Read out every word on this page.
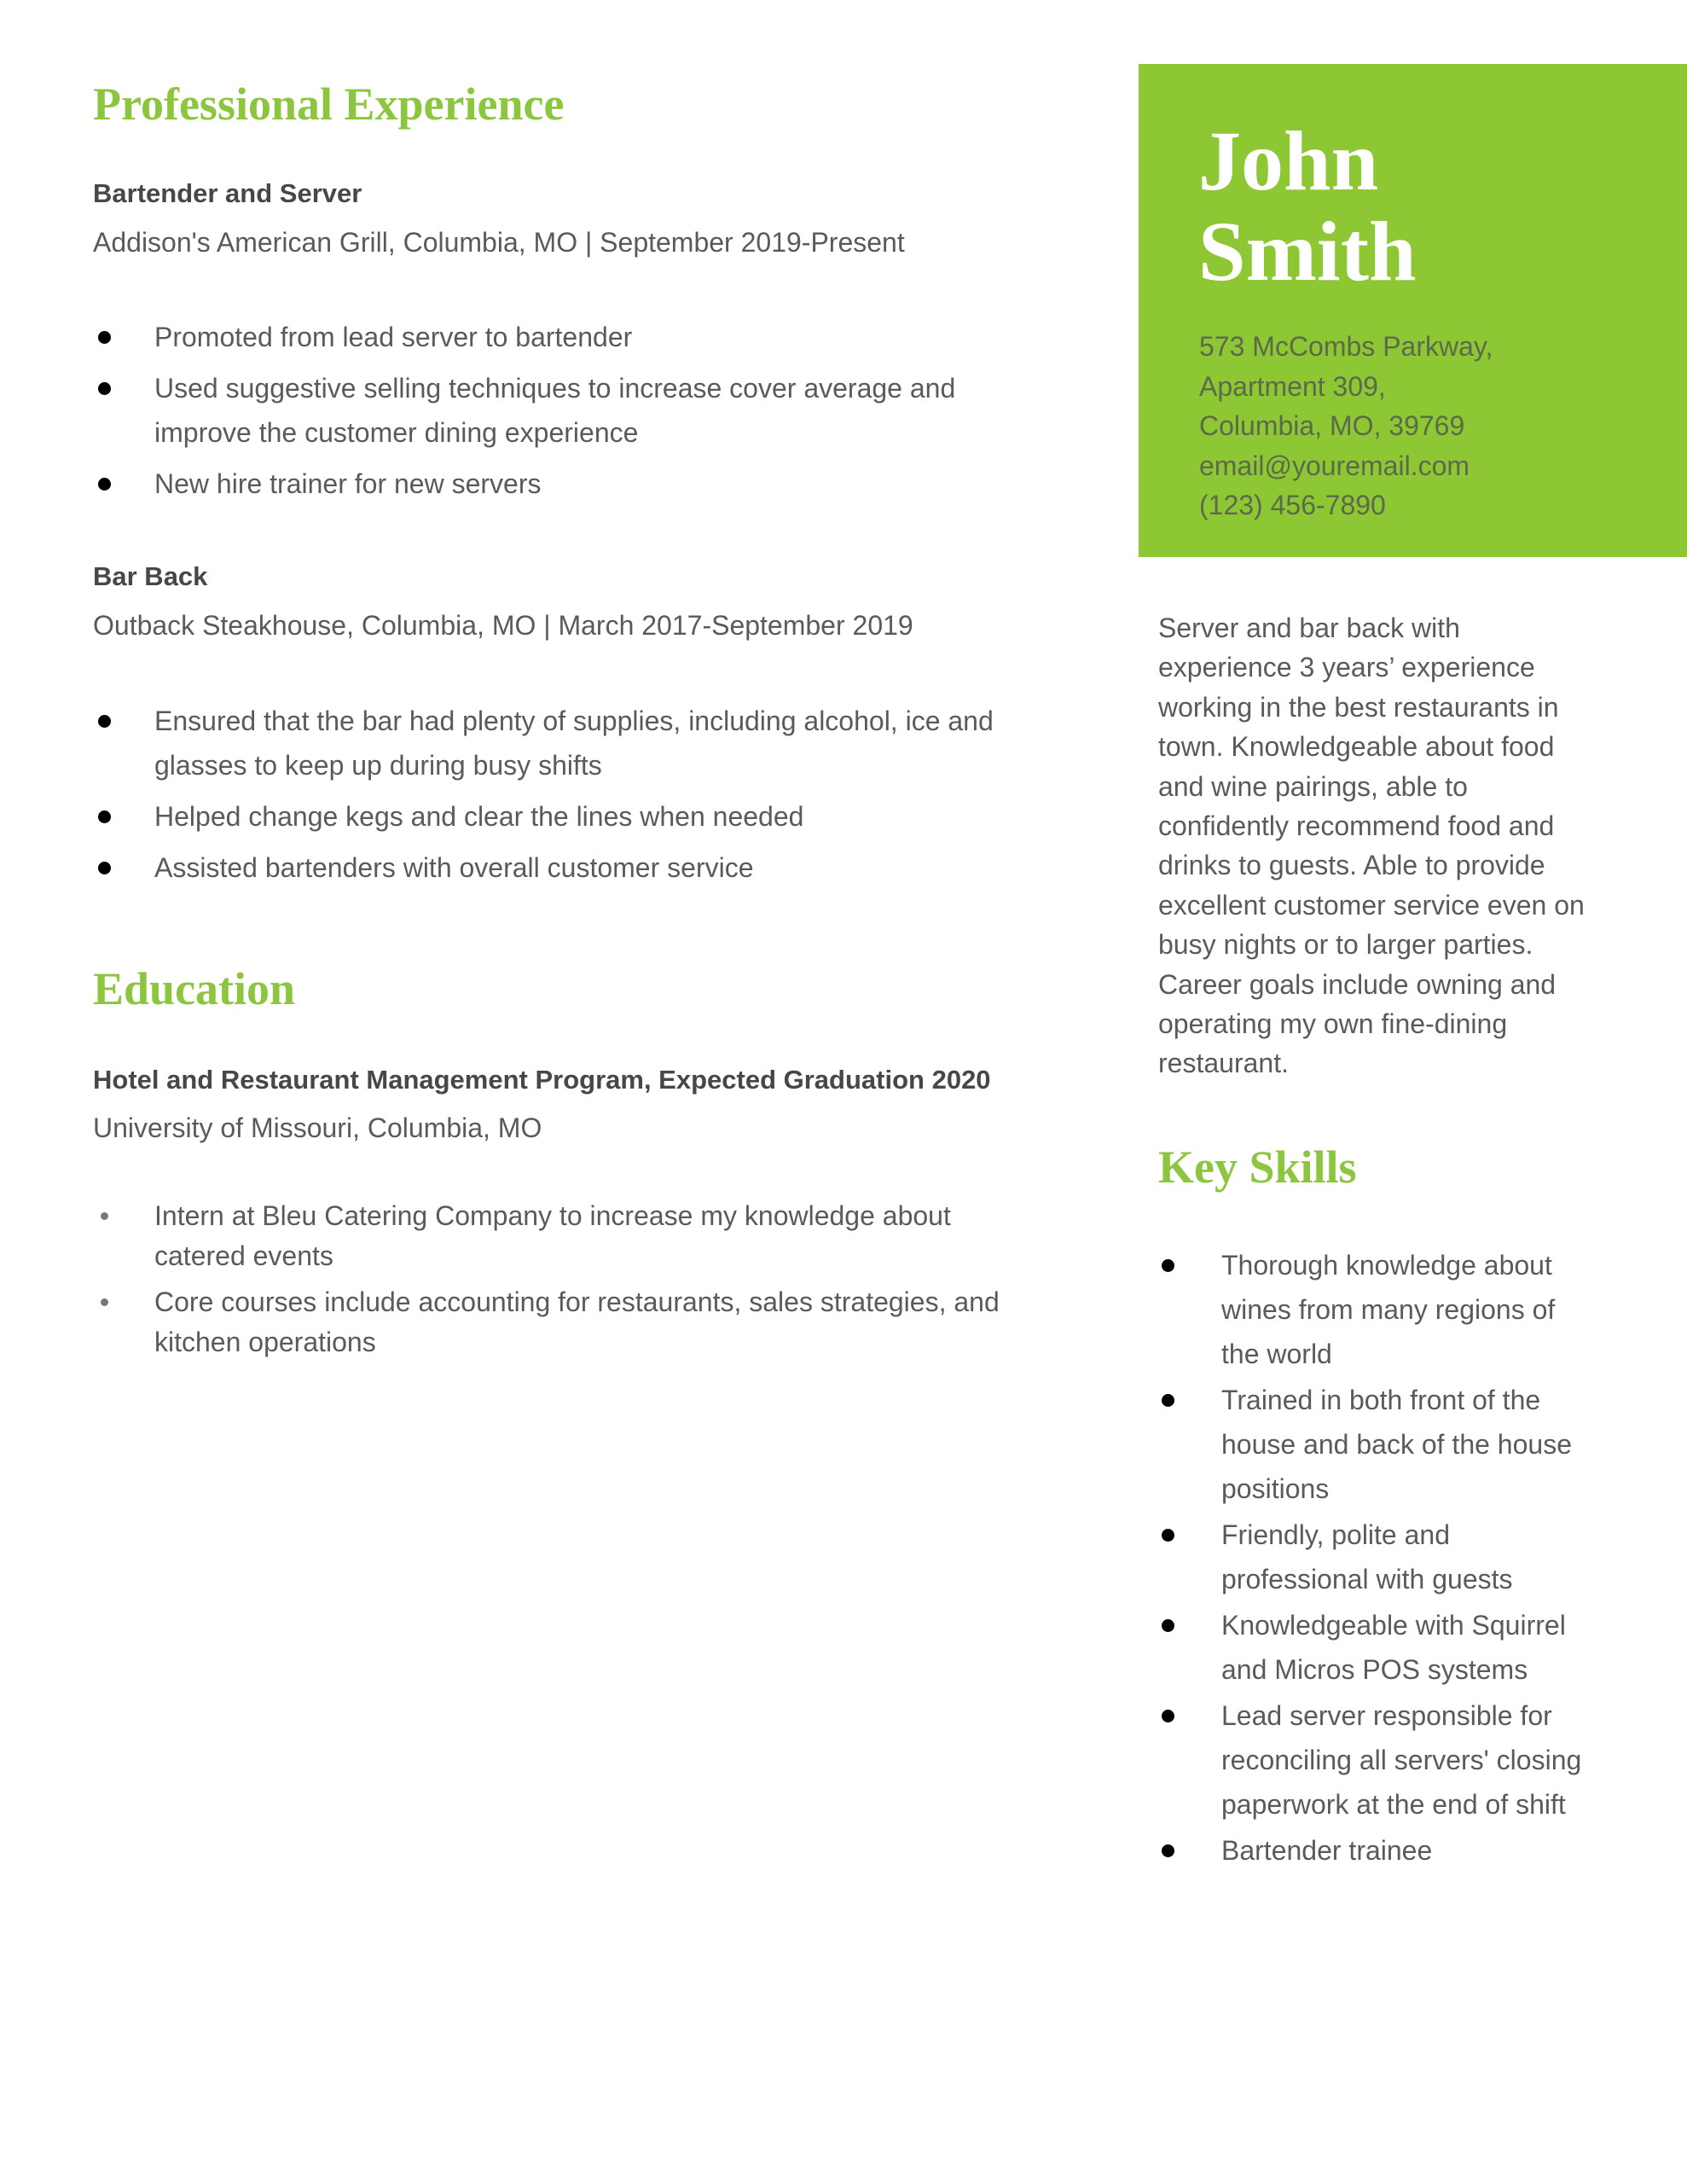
Professional Experience
Bartender and Server
Addison's American Grill, Columbia, MO | September 2019-Present
Promoted from lead server to bartender
Used suggestive selling techniques to increase cover average and
improve the customer dining experience
New hire trainer for new servers
Bar Back
Outback Steakhouse, Columbia, MO | March 2017-September 2019
Ensured that the bar had plenty of supplies, including alcohol, ice and
glasses to keep up during busy shifts
Helped change kegs and clear the lines when needed
Assisted bartenders with overall customer service
Education
Hotel and Restaurant Management Program, Expected Graduation 2020
University of Missouri, Columbia, MO
Intern at Bleu Catering Company to increase my knowledge about
catered events
Core courses include accounting for restaurants, sales strategies, and
kitchen operations
John
Smith
573 McCombs Parkway,
Apartment 309,
Columbia, MO, 39769
email@youremail.com
(123) 456-7890
Server and bar back with
experience 3 years’ experience
working in the best restaurants in
town. Knowledgeable about food
and wine pairings, able to
confidently recommend food and
drinks to guests. Able to provide
excellent customer service even on
busy nights or to larger parties.
Career goals include owning and
operating my own fine-dining
restaurant.
Key Skills
Thorough knowledge about
wines from many regions of
the world
Trained in both front of the
house and back of the house
positions
Friendly, polite and
professional with guests
Knowledgeable with Squirrel
and Micros POS systems
Lead server responsible for
reconciling all servers' closing
paperwork at the end of shift
Bartender trainee
